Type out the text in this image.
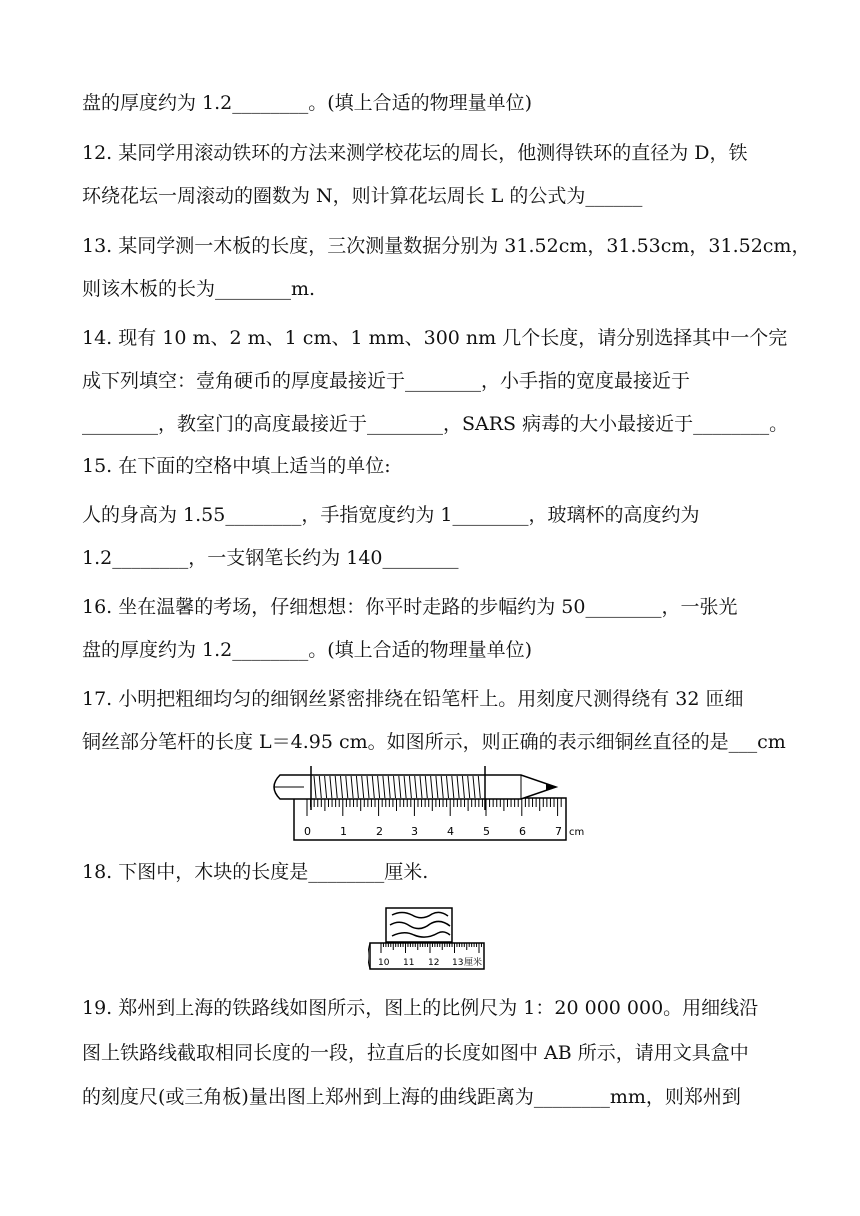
盘的厚度约为 1.2________。(填上合适的物理量单位)
12. 某同学用滚动铁环的方法来测学校花坛的周长，他测得铁环的直径为 D，铁
环绕花坛一周滚动的圈数为 N，则计算花坛周长 L 的公式为______
13. 某同学测一木板的长度，三次测量数据分别为 31.52cm，31.53cm，31.52cm，
则该木板的长为________m.
14. 现有 10 m、2 m、1 cm、1 mm、300 nm 几个长度，请分别选择其中一个完
成下列填空：壹角硬币的厚度最接近于________，小手指的宽度最接近于
________，教室门的高度最接近于________，SARS 病毒的大小最接近于________。
15. 在下面的空格中填上适当的单位:
人的身高为 1.55________，手指宽度约为 1________，玻璃杯的高度约为
1.2________，一支钢笔长约为 140________
16. 坐在温馨的考场，仔细想想：你平时走路的步幅约为 50________，一张光
盘的厚度约为 1.2________。(填上合适的物理量单位)
17. 小明把粗细均匀的细钢丝紧密排绕在铅笔杆上。用刻度尺测得绕有 32 匝细
铜丝部分笔杆的长度 L＝4.95 cm。如图所示，则正确的表示细铜丝直径的是___cm
0	1	2	3	4	5	6	7 cm
18. 下图中，木块的长度是________厘米.
10 11 12 13 厘米
19. 郑州到上海的铁路线如图所示，图上的比例尺为 1：20 000 000。用细线沿
图上铁路线截取相同长度的一段，拉直后的长度如图中 AB 所示，请用文具盒中
的刻度尺(或三角板)量出图上郑州到上海的曲线距离为________mm，则郑州到
